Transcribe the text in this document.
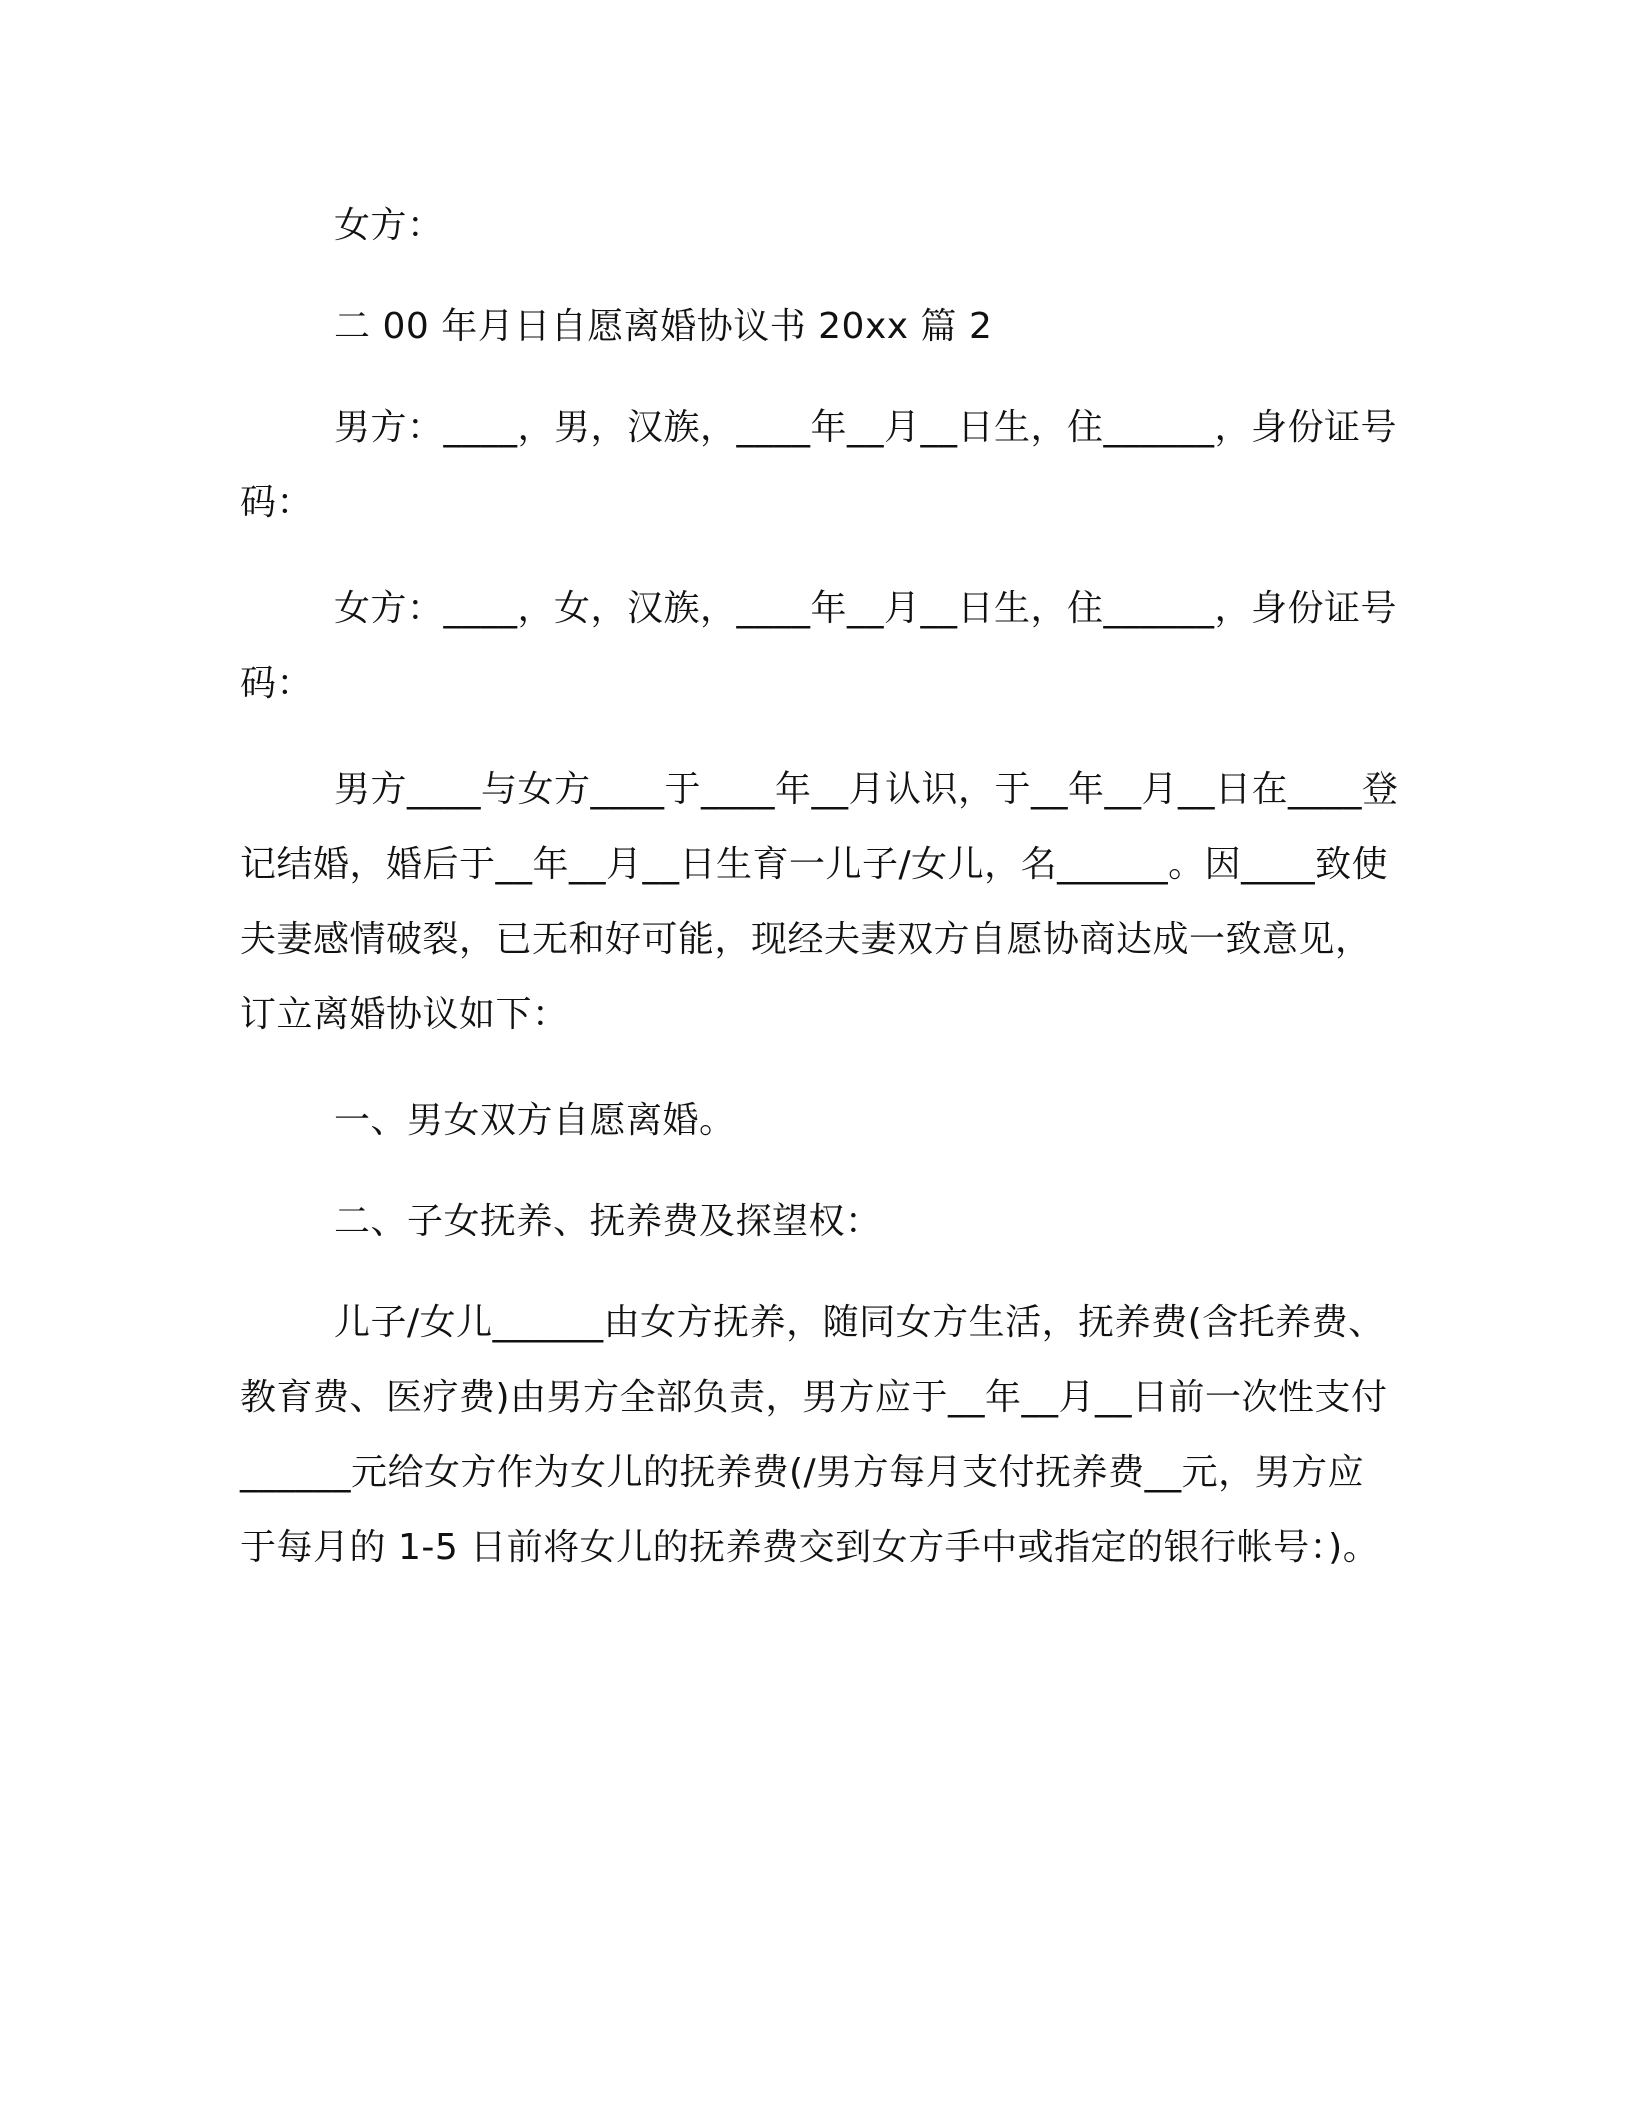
女方：

二 00 年月日自愿离婚协议书 20xx 篇 2

男方：____，男，汉族，____年__月__日生，住______，身份证号码：

女方：____，女，汉族，____年__月__日生，住______，身份证号码：

男方____与女方____于____年__月认识，于__年__月__日在____登记结婚，婚后于__年__月__日生育一儿子/女儿，名______。因____致使夫妻感情破裂，已无和好可能，现经夫妻双方自愿协商达成一致意见，订立离婚协议如下：

一、男女双方自愿离婚。

二、子女抚养、抚养费及探望权：

儿子/女儿______由女方抚养，随同女方生活，抚养费(含托养费、教育费、医疗费)由男方全部负责，男方应于__年__月__日前一次性支付______元给女方作为女儿的抚养费(/男方每月支付抚养费__元，男方应于每月的 1-5 日前将女儿的抚养费交到女方手中或指定的银行帐号：)。
